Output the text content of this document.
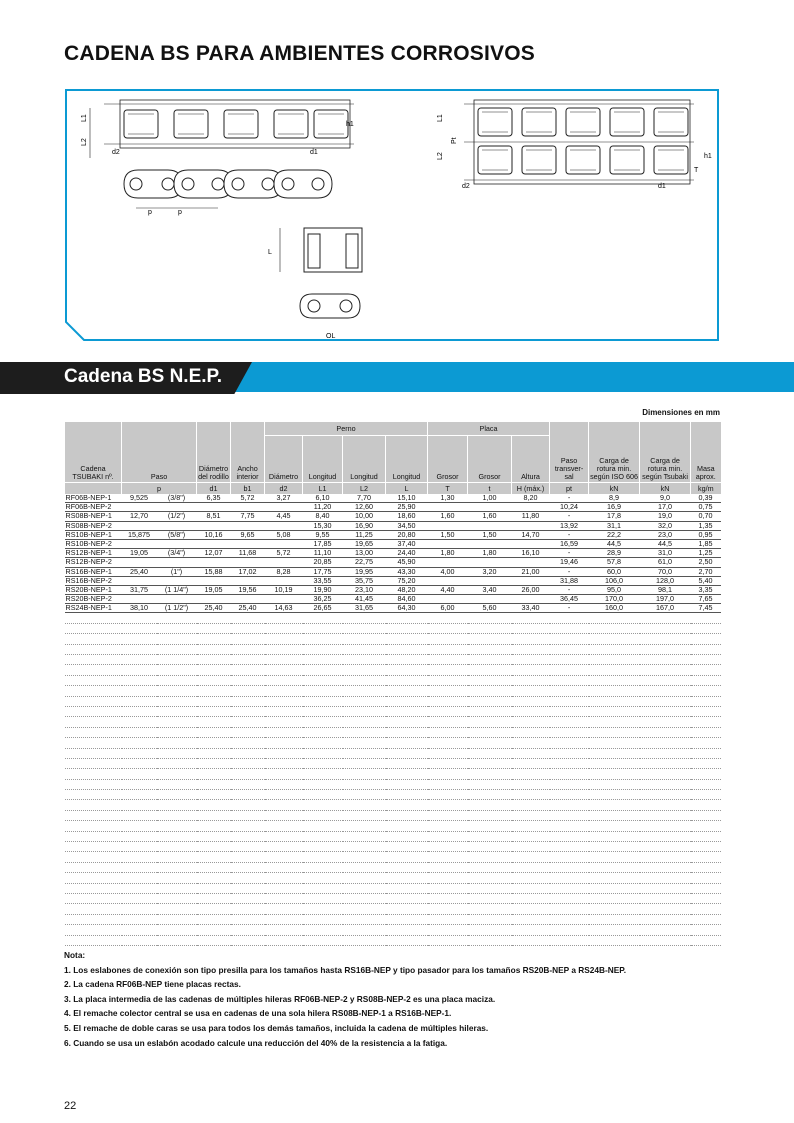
CADENA BS PARA AMBIENTES CORROSIVOS
L1
L2
h1
d2	d1
p	p
L1
L2
Pt
h1
d2	d1
T
L
OL
Cadena BS N.E.P.
Dimensiones en mm
Cadena TSUBAKI nº.	Paso		Diámetro del rodillo	Ancho interior	Perno				Placa			Paso transver-sal	Carga de rotura min. según ISO 606	Carga de rotura min. según Tsubaki	Masa aprox.
					Diámetro	Longitud	Longitud	Longitud	Grosor	Grosor	Altura				
	p		d1	b1	d2	L1	L2	L	T	t	H (máx.)	pt	kN	kN	kg/m
RF06B-NEP-1	9,525	(3/8")	6,35	5,72	3,27	6,10	7,70	15,10	1,30	1,00	8,20	-	8,9	9,0	0,39
RF06B-NEP-2						11,20	12,60	25,90				10,24	16,9	17,0	0,75
RS08B-NEP-1	12,70	(1/2")	8,51	7,75	4,45	8,40	10,00	18,60	1,60	1,60	11,80	-	17,8	19,0	0,70
RS08B-NEP-2						15,30	16,90	34,50				13,92	31,1	32,0	1,35
RS10B-NEP-1	15,875	(5/8")	10,16	9,65	5,08	9,55	11,25	20,80	1,50	1,50	14,70	-	22,2	23,0	0,95
RS10B-NEP-2						17,85	19,65	37,40				16,59	44,5	44,5	1,85
RS12B-NEP-1	19,05	(3/4")	12,07	11,68	5,72	11,10	13,00	24,40	1,80	1,80	16,10	-	28,9	31,0	1,25
RS12B-NEP-2						20,85	22,75	45,90				19,46	57,8	61,0	2,50
RS16B-NEP-1	25,40	(1")	15,88	17,02	8,28	17,75	19,95	43,30	4,00	3,20	21,00	-	60,0	70,0	2,70
RS16B-NEP-2						33,55	35,75	75,20				31,88	106,0	128,0	5,40
RS20B-NEP-1	31,75	(1 1/4")	19,05	19,56	10,19	19,90	23,10	48,20	4,40	3,40	26,00	-	95,0	98,1	3,35
RS20B-NEP-2						36,25	41,45	84,60				36,45	170,0	197,0	7,65
RS24B-NEP-1	38,10	(1 1/2")	25,40	25,40	14,63	26,65	31,65	64,30	6,00	5,60	33,40	-	160,0	167,0	7,45

Nota:
1. Los eslabones de conexión son tipo presilla para los tamaños hasta RS16B-NEP y tipo pasador para los tamaños RS20B-NEP a RS24B-NEP.
2. La cadena RF06B-NEP tiene placas rectas.
3. La placa intermedia de las cadenas de múltiples hileras RF06B-NEP-2 y RS08B-NEP-2 es una placa maciza.
4. El remache colector central se usa en cadenas de una sola hilera RS08B-NEP-1 a RS16B-NEP-1.
5. El remache de doble caras se usa para todos los demás tamaños, incluida la cadena de múltiples hileras.
6. Cuando se usa un eslabón acodado calcule una reducción del 40% de la resistencia a la fatiga.
22
